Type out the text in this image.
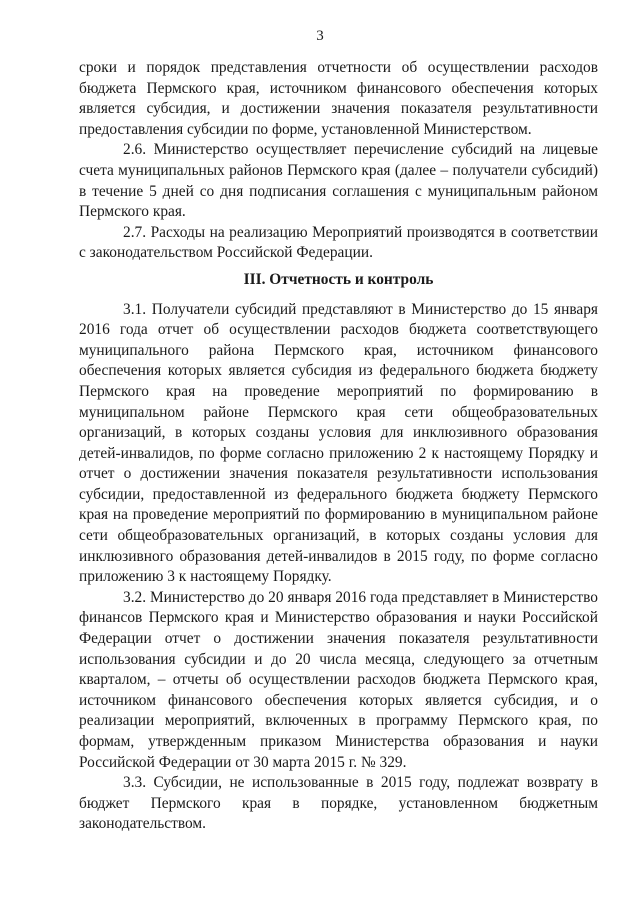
3

сроки и порядок представления отчетности об осуществлении расходов бюджета Пермского края, источником финансового обеспечения которых является субсидия, и достижении значения показателя результативности предоставления субсидии по форме, установленной Министерством.

2.6. Министерство осуществляет перечисление субсидий на лицевые счета муниципальных районов Пермского края (далее – получатели субсидий) в течение 5 дней со дня подписания соглашения с муниципальным районом Пермского края.

2.7. Расходы на реализацию Мероприятий производятся в соответствии с законодательством Российской Федерации.

III. Отчетность и контроль

3.1. Получатели субсидий представляют в Министерство до 15 января 2016 года отчет об осуществлении расходов бюджета соответствующего муниципального района Пермского края, источником финансового обеспечения которых является субсидия из федерального бюджета бюджету Пермского края на проведение мероприятий по формированию в муниципальном районе Пермского края сети общеобразовательных организаций, в которых созданы условия для инклюзивного образования детей-инвалидов, по форме согласно приложению 2 к настоящему Порядку и отчет о достижении значения показателя результативности использования субсидии, предоставленной из федерального бюджета бюджету Пермского края на проведение мероприятий по формированию в муниципальном районе сети общеобразовательных организаций, в которых созданы условия для инклюзивного образования детей-инвалидов в 2015 году, по форме согласно приложению 3 к настоящему Порядку.

3.2. Министерство до 20 января 2016 года представляет в Министерство финансов Пермского края и Министерство образования и науки Российской Федерации отчет о достижении значения показателя результативности использования субсидии и до 20 числа месяца, следующего за отчетным кварталом, – отчеты об осуществлении расходов бюджета Пермского края, источником финансового обеспечения которых является субсидия, и о реализации мероприятий, включенных в программу Пермского края, по формам, утвержденным приказом Министерства образования и науки Российской Федерации от 30 марта 2015 г. № 329.

3.3. Субсидии, не использованные в 2015 году, подлежат возврату в бюджет Пермского края в порядке, установленном бюджетным законодательством.
